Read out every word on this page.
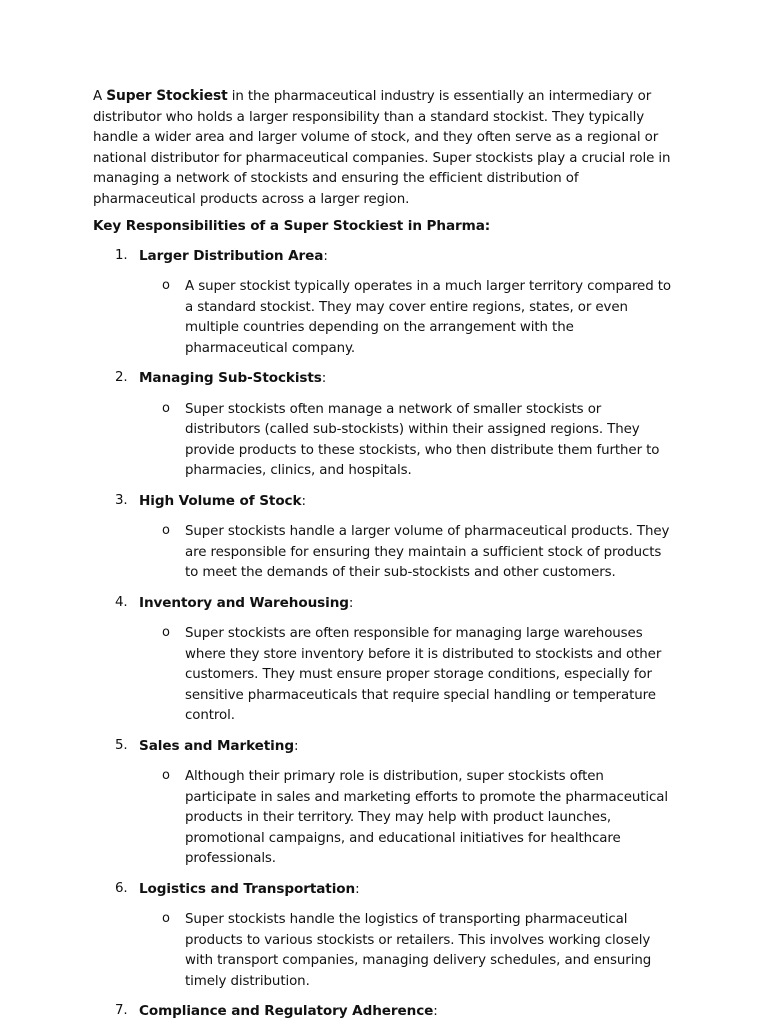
A Super Stockiest in the pharmaceutical industry is essentially an intermediary or distributor who holds a larger responsibility than a standard stockist. They typically handle a wider area and larger volume of stock, and they often serve as a regional or national distributor for pharmaceutical companies. Super stockists play a crucial role in managing a network of stockists and ensuring the efficient distribution of pharmaceutical products across a larger region.

Key Responsibilities of a Super Stockiest in Pharma:
1. Larger Distribution Area:
o A super stockist typically operates in a much larger territory compared to a standard stockist. They may cover entire regions, states, or even multiple countries depending on the arrangement with the pharmaceutical company.
2. Managing Sub-Stockists:
o Super stockists often manage a network of smaller stockists or distributors (called sub-stockists) within their assigned regions. They provide products to these stockists, who then distribute them further to pharmacies, clinics, and hospitals.
3. High Volume of Stock:
o Super stockists handle a larger volume of pharmaceutical products. They are responsible for ensuring they maintain a sufficient stock of products to meet the demands of their sub-stockists and other customers.
4. Inventory and Warehousing:
o Super stockists are often responsible for managing large warehouses where they store inventory before it is distributed to stockists and other customers. They must ensure proper storage conditions, especially for sensitive pharmaceuticals that require special handling or temperature control.
5. Sales and Marketing:
o Although their primary role is distribution, super stockists often participate in sales and marketing efforts to promote the pharmaceutical products in their territory. They may help with product launches, promotional campaigns, and educational initiatives for healthcare professionals.
6. Logistics and Transportation:
o Super stockists handle the logistics of transporting pharmaceutical products to various stockists or retailers. This involves working closely with transport companies, managing delivery schedules, and ensuring timely distribution.
7. Compliance and Regulatory Adherence:
